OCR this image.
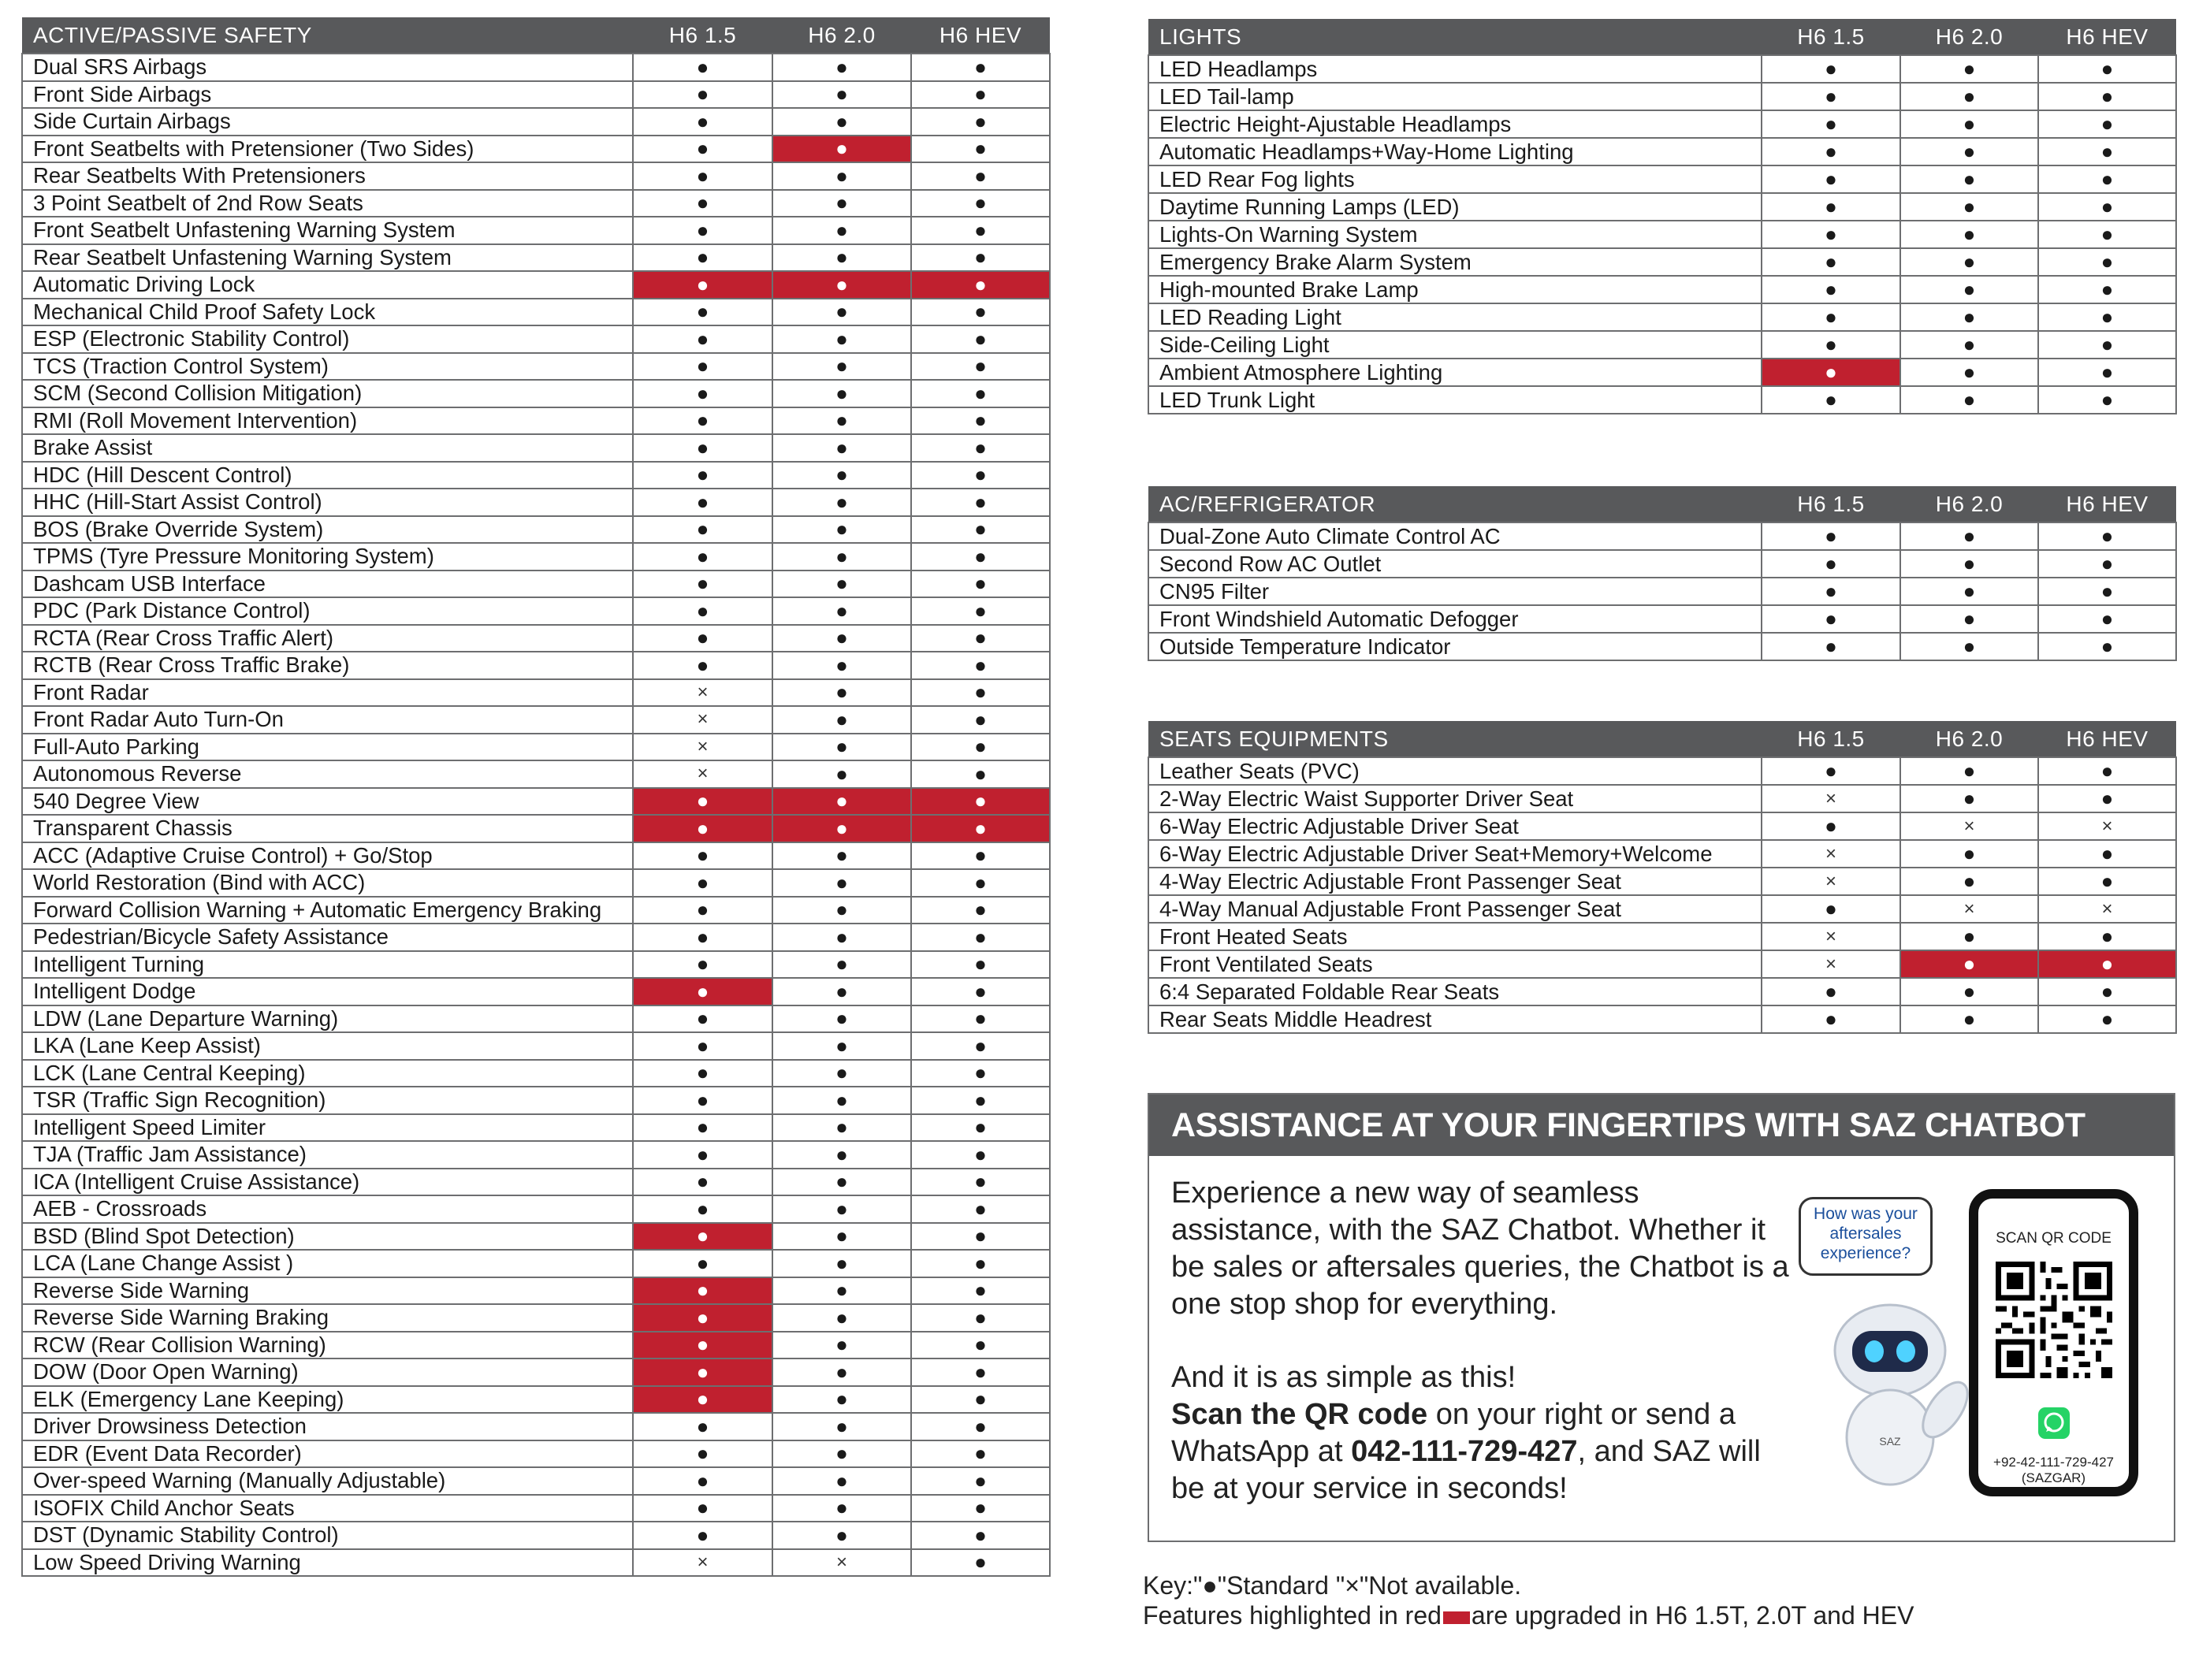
ACTIVE/PASSIVE SAFETY	H6 1.5	H6 2.0	H6 HEV
Dual SRS Airbags	●	●	●
Front Side Airbags	●	●	●
Side Curtain Airbags	●	●	●
Front Seatbelts with Pretensioner (Two Sides)	●	●	●
Rear Seatbelts With Pretensioners	●	●	●
3 Point Seatbelt of 2nd Row Seats	●	●	●
Front Seatbelt Unfastening Warning System	●	●	●
Rear Seatbelt Unfastening Warning System	●	●	●
Automatic Driving Lock	●	●	●
Mechanical Child Proof Safety Lock	●	●	●
ESP (Electronic Stability Control)	●	●	●
TCS (Traction Control System)	●	●	●
SCM (Second Collision Mitigation)	●	●	●
RMI (Roll Movement Intervention)	●	●	●
Brake Assist	●	●	●
HDC (Hill Descent Control)	●	●	●
HHC (Hill-Start Assist Control)	●	●	●
BOS (Brake Override System)	●	●	●
TPMS (Tyre Pressure Monitoring System)	●	●	●
Dashcam USB Interface	●	●	●
PDC (Park Distance Control)	●	●	●
RCTA (Rear Cross Traffic Alert)	●	●	●
RCTB (Rear Cross Traffic Brake)	●	●	●
Front Radar	×	●	●
Front Radar Auto Turn-On	×	●	●
Full-Auto Parking	×	●	●
Autonomous Reverse	×	●	●
540 Degree View	●	●	●
Transparent Chassis	●	●	●
ACC (Adaptive Cruise Control) + Go/Stop	●	●	●
World Restoration (Bind with ACC)	●	●	●
Forward Collision Warning + Automatic Emergency Braking	●	●	●
Pedestrian/Bicycle Safety Assistance	●	●	●
Intelligent Turning	●	●	●
Intelligent Dodge	●	●	●
LDW (Lane Departure Warning)	●	●	●
LKA (Lane Keep Assist)	●	●	●
LCK (Lane Central Keeping)	●	●	●
TSR (Traffic Sign Recognition)	●	●	●
Intelligent Speed Limiter	●	●	●
TJA (Traffic Jam Assistance)	●	●	●
ICA (Intelligent Cruise Assistance)	●	●	●
AEB - Crossroads	●	●	●
BSD (Blind Spot Detection)	●	●	●
LCA (Lane Change Assist )	●	●	●
Reverse Side Warning	●	●	●
Reverse Side Warning Braking	●	●	●
RCW (Rear Collision Warning)	●	●	●
DOW (Door Open Warning)	●	●	●
ELK (Emergency Lane Keeping)	●	●	●
Driver Drowsiness Detection	●	●	●
EDR (Event Data Recorder)	●	●	●
Over-speed Warning (Manually Adjustable)	●	●	●
ISOFIX Child Anchor Seats	●	●	●
DST (Dynamic Stability Control)	●	●	●
Low Speed Driving Warning	×	×	●
LIGHTS	H6 1.5	H6 2.0	H6 HEV
LED Headlamps	●	●	●
LED Tail-lamp	●	●	●
Electric Height-Ajustable Headlamps	●	●	●
Automatic Headlamps+Way-Home Lighting	●	●	●
LED Rear Fog lights	●	●	●
Daytime Running Lamps (LED)	●	●	●
Lights-On Warning System	●	●	●
Emergency Brake Alarm System	●	●	●
High-mounted Brake Lamp	●	●	●
LED Reading Light	●	●	●
Side-Ceiling Light	●	●	●
Ambient Atmosphere Lighting	●	●	●
LED Trunk Light	●	●	●
AC/REFRIGERATOR	H6 1.5	H6 2.0	H6 HEV
Dual-Zone Auto Climate Control AC	●	●	●
Second Row AC Outlet	●	●	●
CN95 Filter	●	●	●
Front Windshield Automatic Defogger	●	●	●
Outside Temperature Indicator	●	●	●
SEATS EQUIPMENTS	H6 1.5	H6 2.0	H6 HEV
Leather Seats (PVC)	●	●	●
2-Way Electric Waist Supporter Driver Seat	×	●	●
6-Way Electric Adjustable Driver Seat	●	×	×
6-Way Electric Adjustable Driver Seat+Memory+Welcome	×	●	●
4-Way Electric Adjustable Front Passenger Seat	×	●	●
4-Way Manual Adjustable Front Passenger Seat	●	×	×
Front Heated Seats	×	●	●
Front Ventilated Seats	×	●	●
6:4 Separated Foldable Rear Seats	●	●	●
Rear Seats Middle Headrest	●	●	●
ASSISTANCE AT YOUR FINGERTIPS WITH SAZ CHATBOT

Experience a new way of seamless assistance, with the SAZ Chatbot. Whether it be sales or aftersales queries, the Chatbot is a one stop shop for everything.

And it is as simple as this!
Scan the QR code on your right or send a WhatsApp at 042-111-729-427, and SAZ will be at your service in seconds!

How was your aftersales experience?
SAZ
SCAN QR CODE
+92-42-111-729-427
(SAZGAR)
Key:"●"Standard "×"Not available.
Features highlighted in red are upgraded in H6 1.5T, 2.0T and HEV
